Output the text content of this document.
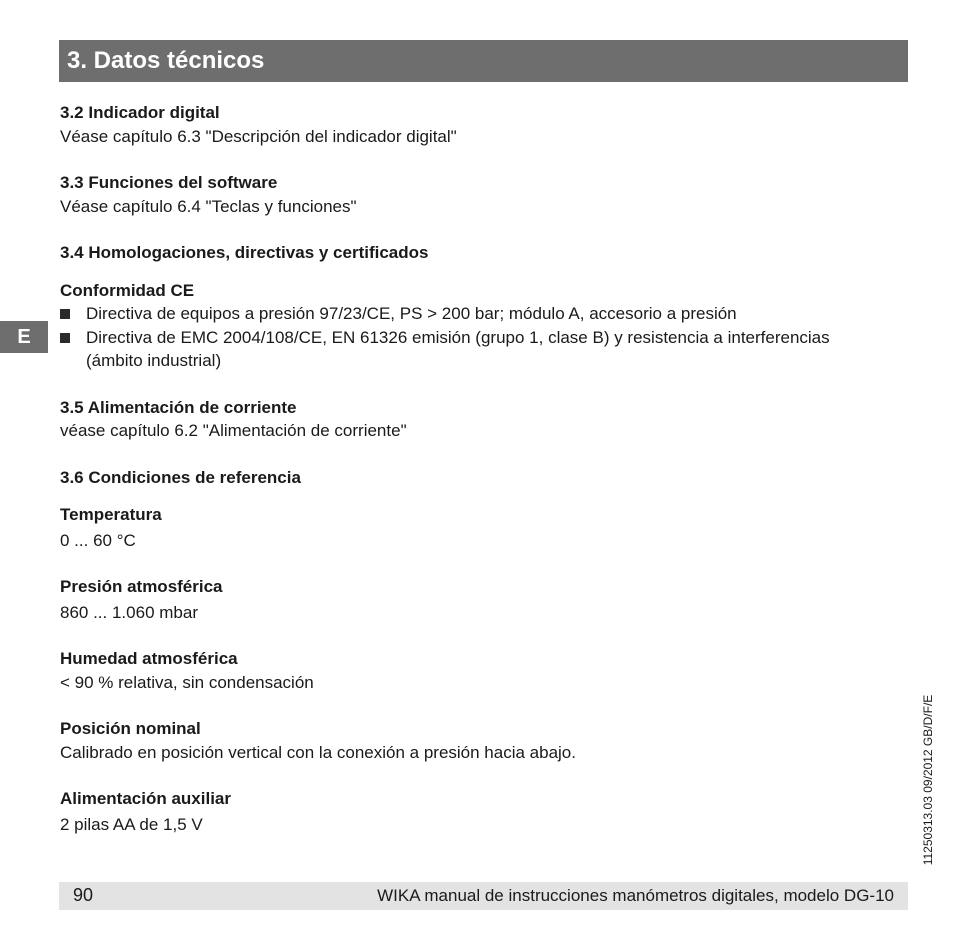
3. Datos técnicos
E
3.2 Indicador digital
Véase capítulo 6.3 "Descripción del indicador digital"
3.3 Funciones del software
Véase capítulo 6.4 "Teclas y funciones"
3.4 Homologaciones, directivas y certificados
Conformidad CE
Directiva de equipos a presión 97/23/CE, PS > 200 bar; módulo A, accesorio a presión
Directiva de EMC 2004/108/CE, EN 61326 emisión (grupo 1, clase B) y resistencia a interferencias
(ámbito industrial)
3.5 Alimentación de corriente
véase capítulo 6.2 "Alimentación de corriente"
3.6 Condiciones de referencia
Temperatura
0 ... 60 °C
Presión atmosférica
860 ... 1.060 mbar
Humedad atmosférica
< 90 % relativa, sin condensación
Posición nominal
Calibrado en posición vertical con la conexión a presión hacia abajo.
Alimentación auxiliar
2 pilas AA de 1,5 V	11250313.03 09/2012 GB/D/F/E
90	WIKA manual de instrucciones manómetros digitales, modelo DG-10
